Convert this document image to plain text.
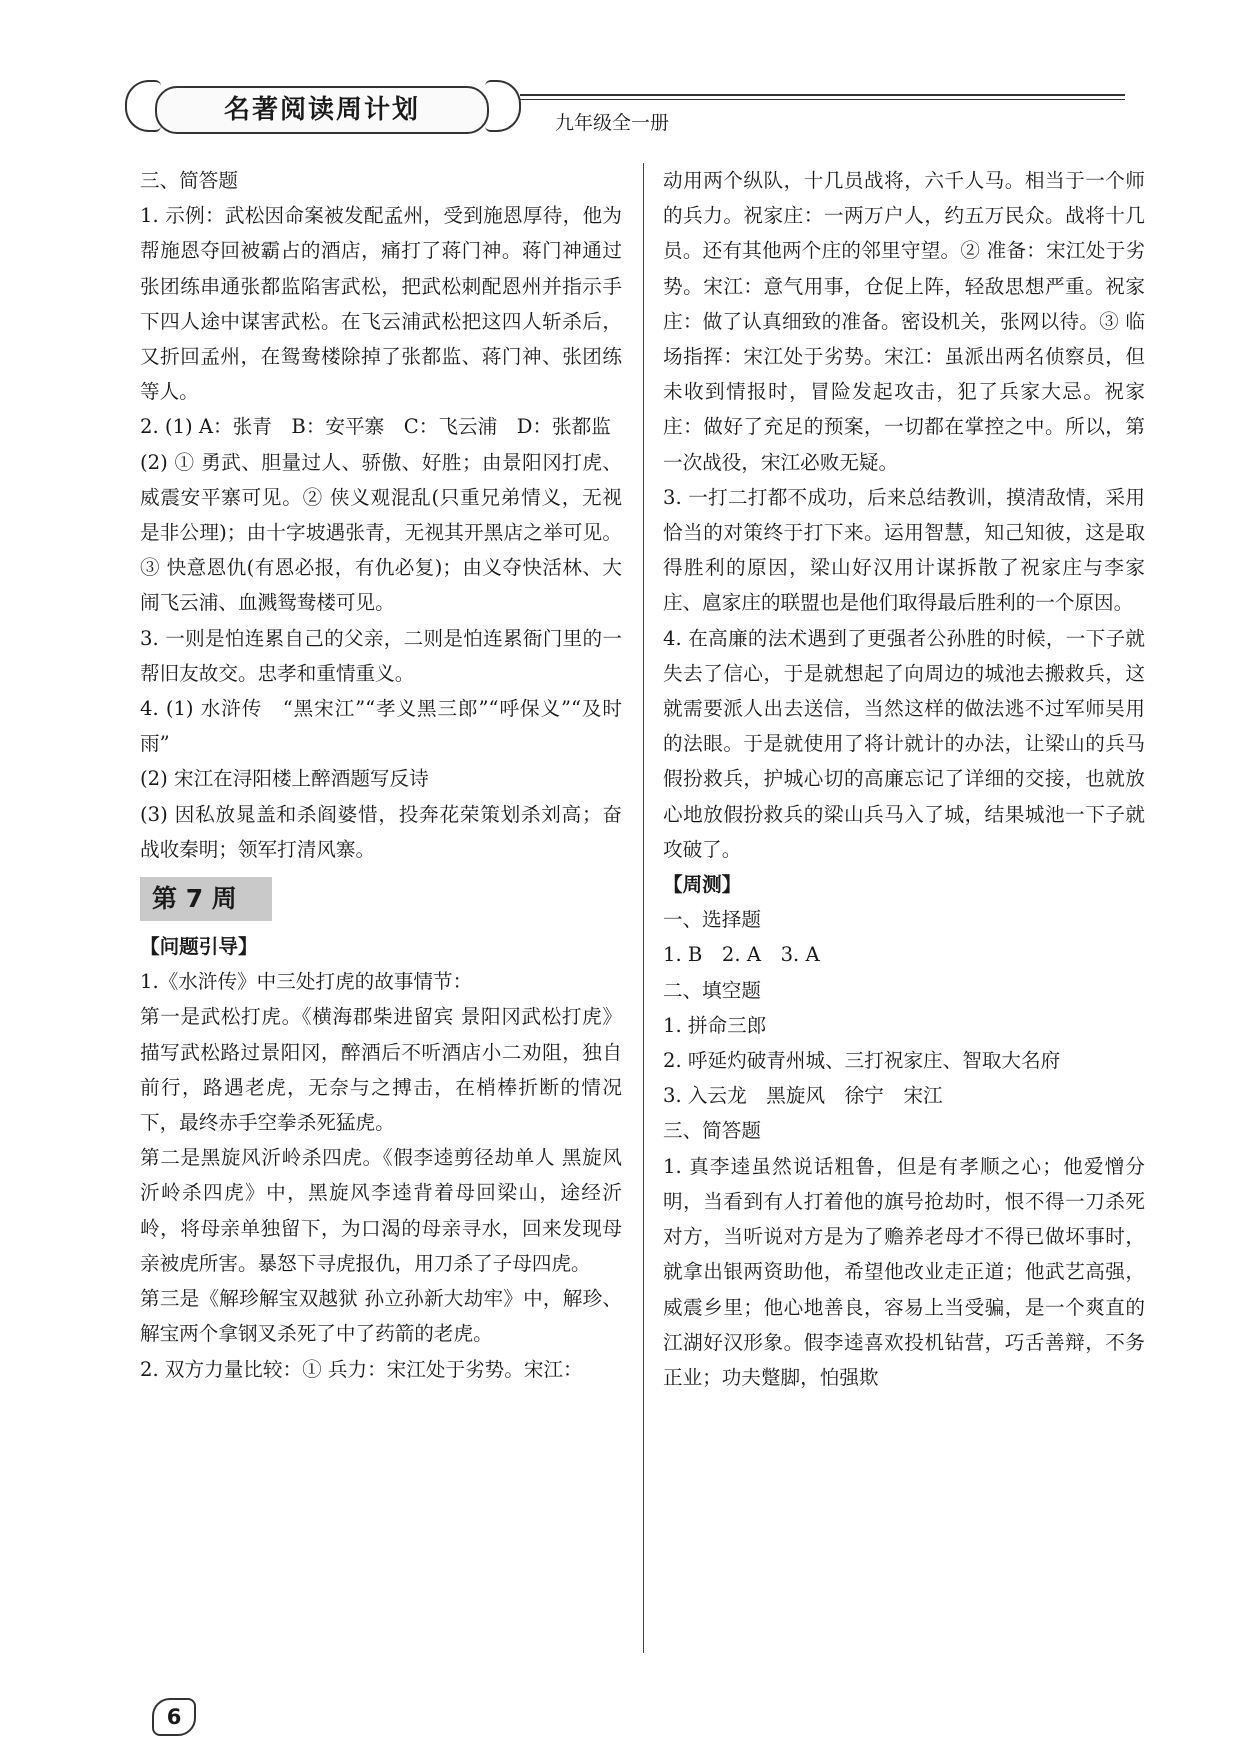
名著阅读周计划	九年级全一册

三、简答题

1. 示例：武松因命案被发配孟州，受到施恩厚待，他为帮施恩夺回被霸占的酒店，痛打了蒋门神。蒋门神通过张团练串通张都监陷害武松，把武松刺配恩州并指示手下四人途中谋害武松。在飞云浦武松把这四人斩杀后，又折回孟州，在鸳鸯楼除掉了张都监、蒋门神、张团练等人。

2. (1) A：张青　B：安平寨　C：飞云浦　D：张都监

(2) ① 勇武、胆量过人、骄傲、好胜；由景阳冈打虎、威震安平寨可见。② 侠义观混乱(只重兄弟情义，无视是非公理)；由十字坡遇张青，无视其开黑店之举可见。③ 快意恩仇(有恩必报，有仇必复)；由义夺快活林、大闹飞云浦、血溅鸳鸯楼可见。

3. 一则是怕连累自己的父亲，二则是怕连累衙门里的一帮旧友故交。忠孝和重情重义。

4. (1) 水浒传　“黑宋江”“孝义黑三郎”“呼保义”“及时雨”

(2) 宋江在浔阳楼上醉酒题写反诗

(3) 因私放晁盖和杀阎婆惜，投奔花荣策划杀刘高；奋战收秦明；领军打清风寨。

第 7 周

【问题引导】

1.《水浒传》中三处打虎的故事情节：

第一是武松打虎。《横海郡柴进留宾 景阳冈武松打虎》描写武松路过景阳冈，醉酒后不听酒店小二劝阻，独自前行，路遇老虎，无奈与之搏击，在梢棒折断的情况下，最终赤手空拳杀死猛虎。

第二是黑旋风沂岭杀四虎。《假李逵剪径劫单人 黑旋风沂岭杀四虎》中，黑旋风李逵背着母回梁山，途经沂岭，将母亲单独留下，为口渴的母亲寻水，回来发现母亲被虎所害。暴怒下寻虎报仇，用刀杀了子母四虎。

第三是《解珍解宝双越狱 孙立孙新大劫牢》中，解珍、解宝两个拿钢叉杀死了中了药箭的老虎。

2. 双方力量比较：① 兵力：宋江处于劣势。宋江：

动用两个纵队，十几员战将，六千人马。相当于一个师的兵力。祝家庄：一两万户人，约五万民众。战将十几员。还有其他两个庄的邻里守望。② 准备：宋江处于劣势。宋江：意气用事，仓促上阵，轻敌思想严重。祝家庄：做了认真细致的准备。密设机关，张网以待。③ 临场指挥：宋江处于劣势。宋江：虽派出两名侦察员，但未收到情报时，冒险发起攻击，犯了兵家大忌。祝家庄：做好了充足的预案，一切都在掌控之中。所以，第一次战役，宋江必败无疑。

3. 一打二打都不成功，后来总结教训，摸清敌情，采用恰当的对策终于打下来。运用智慧，知己知彼，这是取得胜利的原因，梁山好汉用计谋拆散了祝家庄与李家庄、扈家庄的联盟也是他们取得最后胜利的一个原因。

4. 在高廉的法术遇到了更强者公孙胜的时候，一下子就失去了信心，于是就想起了向周边的城池去搬救兵，这就需要派人出去送信，当然这样的做法逃不过军师吴用的法眼。于是就使用了将计就计的办法，让梁山的兵马假扮救兵，护城心切的高廉忘记了详细的交接，也就放心地放假扮救兵的梁山兵马入了城，结果城池一下子就攻破了。

【周测】

一、选择题

1. B　2. A　3. A

二、填空题

1. 拼命三郎

2. 呼延灼破青州城、三打祝家庄、智取大名府

3. 入云龙　黑旋风　徐宁　宋江

三、简答题

1. 真李逵虽然说话粗鲁，但是有孝顺之心；他爱憎分明，当看到有人打着他的旗号抢劫时，恨不得一刀杀死对方，当听说对方是为了赡养老母才不得已做坏事时，就拿出银两资助他，希望他改业走正道；他武艺高强，威震乡里；他心地善良，容易上当受骗，是一个爽直的江湖好汉形象。假李逵喜欢投机钻营，巧舌善辩，不务正业；功夫蹩脚，怕强欺

6
